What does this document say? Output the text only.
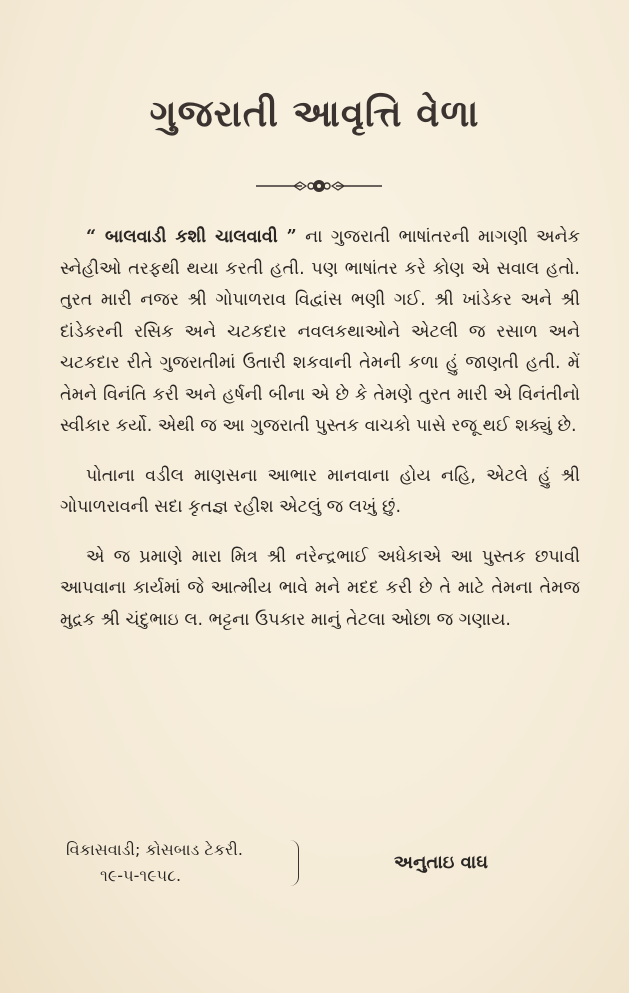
ગુજરાતી આવૃત્તિ વેળા

“ બાલવાડી કશી ચાલવાવી ” ના ગુજરાતી ભાષાંતરની માગણી અનેક સ્નેહીઓ તરફથી થયા કરતી હતી. પણ ભાષાંતર કરે કોણ એ સવાલ હતો. તુરત મારી નજર શ્રી ગોપાળરાવ વિદ્વાંસ ભણી ગઈ. શ્રી ખાંડેકર અને શ્રી દાંડેકરની રસિક અને ચટકદાર નવલકથાઓને એટલી જ રસાળ અને ચટકદાર રીતે ગુજરાતીમાં ઉતારી શકવાની તેમની કળા હું જાણતી હતી. મેં તેમને વિનંતિ કરી અને હર્ષની બીના એ છે કે તેમણે તુરત મારી એ વિનંતીનો સ્વીકાર કર્યો. એથી જ આ ગુજરાતી પુસ્તક વાચકો પાસે રજૂ થઈ શક્યું છે.

પોતાના વડીલ માણસના આભાર માનવાના હોય નહિ, એટલે હું શ્રી ગોપાળરાવની સદા કૃતજ્ઞ રહીશ એટલું જ લખું છું.

એ જ પ્રમાણે મારા મિત્ર શ્રી નરેન્દ્રભાઈ અધેકાએ આ પુસ્તક છપાવી આપવાના કાર્યમાં જે આત્મીય ભાવે મને મદદ કરી છે તે માટે તેમના તેમજ મુદ્રક શ્રી ચંદુભાઇ લ. ભટ્ટના ઉપકાર માનું તેટલા ઓછા જ ગણાય.

વિકાસવાડી; કોસબાડ ટેકરી.
૧૯-૫-૧૯૫૮.
અનુતાઇ વાઘ
